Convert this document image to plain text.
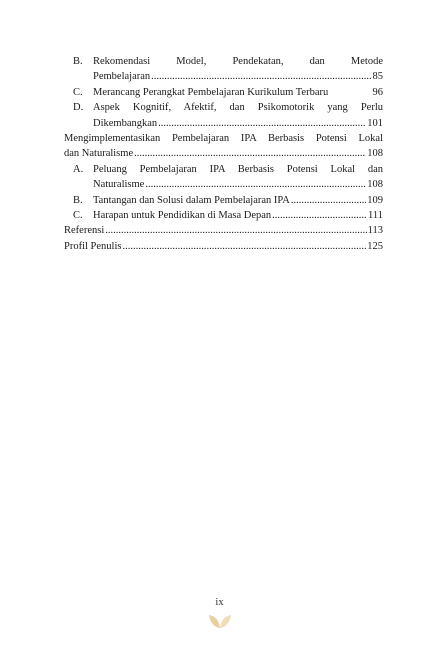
B. Rekomendasi Model, Pendekatan, dan Metode
Pembelajaran .....	85
C. Merancang Perangkat Pembelajaran Kurikulum Terbaru	96
D. Aspek Kognitif, Afektif, dan Psikomotorik yang Perlu
Dikembangkan .....	101
Mengimplementasikan Pembelajaran IPA Berbasis Potensi Lokal
dan Naturalisme .....	108
A. Peluang Pembelajaran IPA Berbasis Potensi Lokal dan
Naturalisme .....	108
B. Tantangan dan Solusi dalam Pembelajaran IPA .....	109
C. Harapan untuk Pendidikan di Masa Depan .....	111
Referensi .....	113
Profil Penulis .....	125
ix
